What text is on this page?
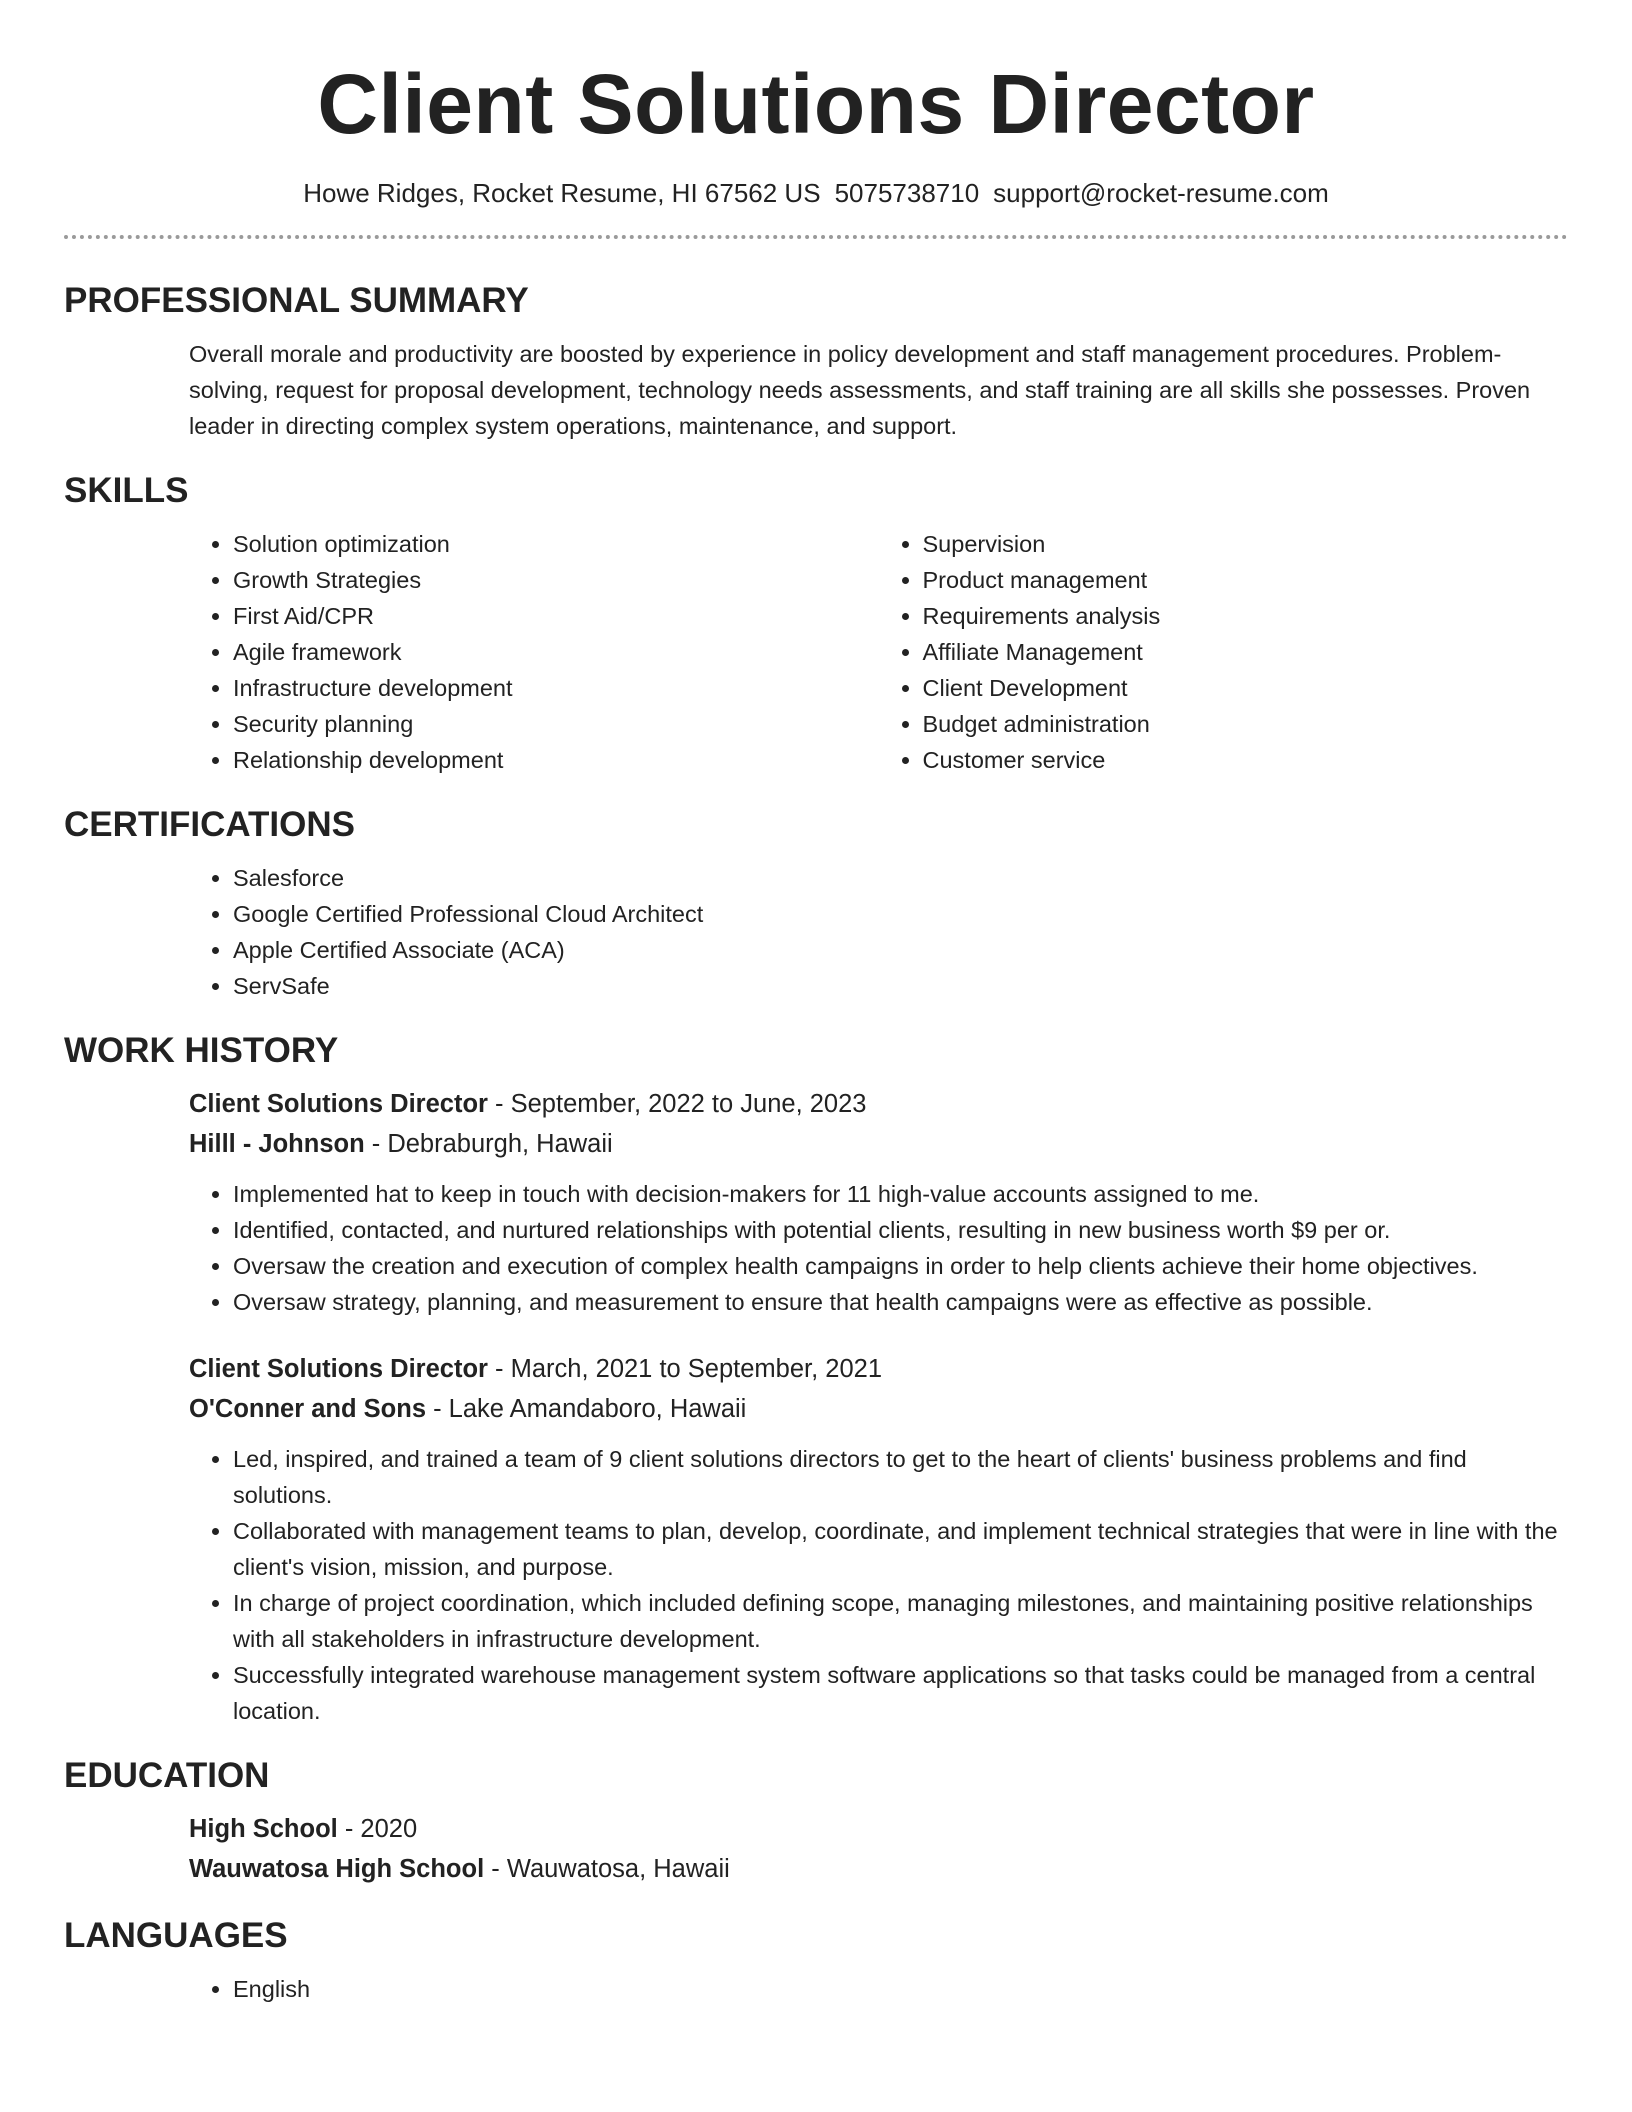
Client Solutions Director
Howe Ridges, Rocket Resume, HI 67562 US 5075738710 support@rocket-resume.com
PROFESSIONAL SUMMARY

Overall morale and productivity are boosted by experience in policy development and staff management procedures. Problem-solving, request for proposal development, technology needs assessments, and staff training are all skills she possesses. Proven leader in directing complex system operations, maintenance, and support.

SKILLS
• Solution optimization
• Growth Strategies
• First Aid/CPR
• Agile framework
• Infrastructure development
• Security planning
• Relationship development
• Supervision
• Product management
• Requirements analysis
• Affiliate Management
• Client Development
• Budget administration
• Customer service
CERTIFICATIONS
• Salesforce
• Google Certified Professional Cloud Architect
• Apple Certified Associate (ACA)
• ServSafe
WORK HISTORY
Client Solutions Director - September, 2022 to June, 2023
Hilll - Johnson - Debraburgh, Hawaii
• Implemented hat to keep in touch with decision-makers for 11 high-value accounts assigned to me.
• Identified, contacted, and nurtured relationships with potential clients, resulting in new business worth $9 per or.
• Oversaw the creation and execution of complex health campaigns in order to help clients achieve their home objectives.
• Oversaw strategy, planning, and measurement to ensure that health campaigns were as effective as possible.
Client Solutions Director - March, 2021 to September, 2021
O'Conner and Sons - Lake Amandaboro, Hawaii
• Led, inspired, and trained a team of 9 client solutions directors to get to the heart of clients' business problems and find solutions.
• Collaborated with management teams to plan, develop, coordinate, and implement technical strategies that were in line with the client's vision, mission, and purpose.
• In charge of project coordination, which included defining scope, managing milestones, and maintaining positive relationships with all stakeholders in infrastructure development.
• Successfully integrated warehouse management system software applications so that tasks could be managed from a central location.
EDUCATION
High School - 2020
Wauwatosa High School - Wauwatosa, Hawaii
LANGUAGES
• English
